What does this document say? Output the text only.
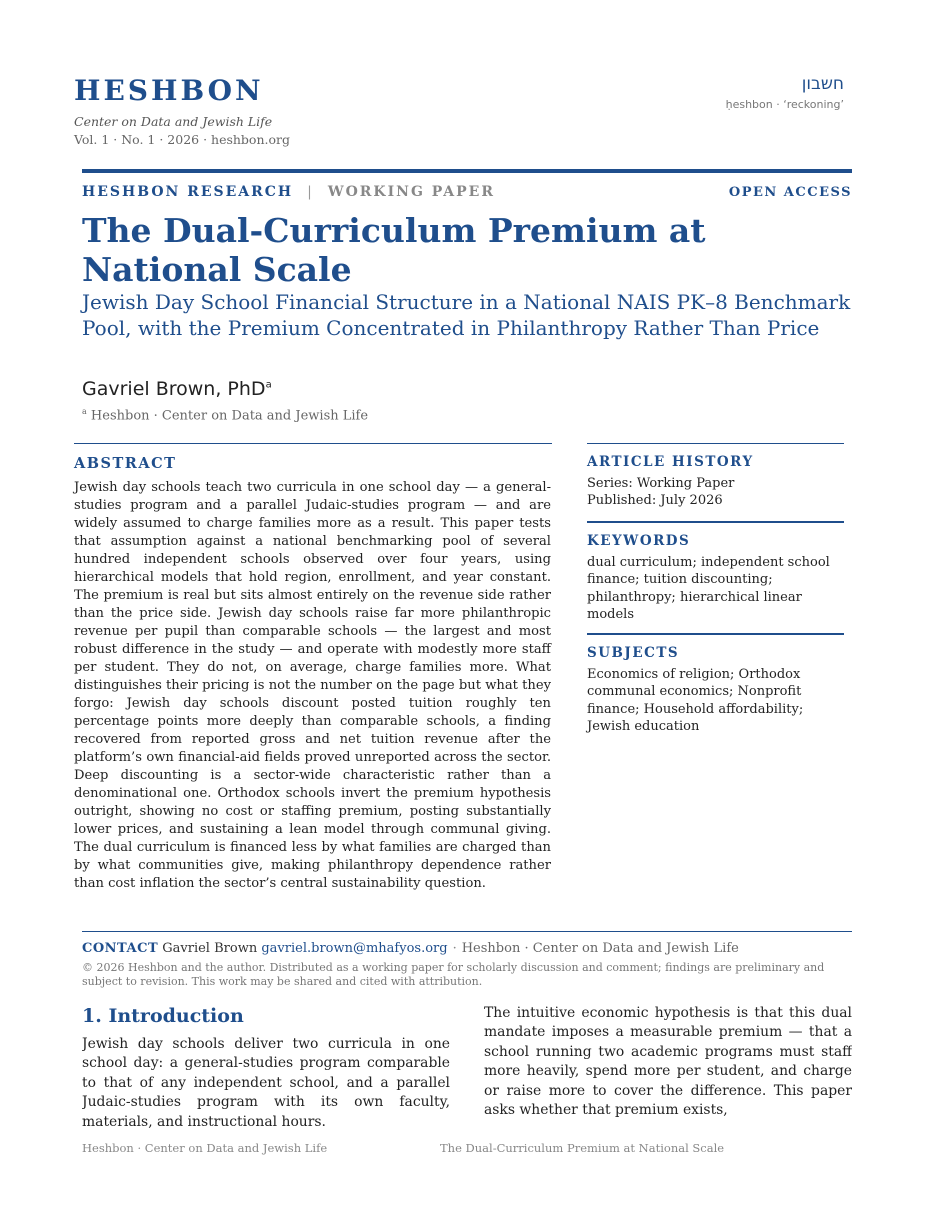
HESHBON
Center on Data and Jewish Life
Vol. 1 · No. 1 · 2026 · heshbon.org
חשבון
ḥeshbon · ‘reckoning’
HESHBON RESEARCH | WORKING PAPER	OPEN ACCESS
The Dual-Curriculum Premium at National Scale
Jewish Day School Financial Structure in a National NAIS PK–8 Benchmark Pool, with the Premium Concentrated in Philanthropy Rather Than Price
Gavriel Brown, PhD$^a$
$^a$ Heshbon · Center on Data and Jewish Life
ABSTRACT

Jewish day schools teach two curricula in one school day — a general-studies program and a parallel Judaic-studies program — and are widely assumed to charge families more as a result. This paper tests that assumption against a national benchmarking pool of several hundred independent schools observed over four years, using hierarchical models that hold region, enrollment, and year constant. The premium is real but sits almost entirely on the revenue side rather than the price side. Jewish day schools raise far more philanthropic revenue per pupil than comparable schools — the largest and most robust difference in the study — and operate with modestly more staff per student. They do not, on average, charge families more. What distinguishes their pricing is not the number on the page but what they forgo: Jewish day schools discount posted tuition roughly ten percentage points more deeply than comparable schools, a finding recovered from reported gross and net tuition revenue after the platform’s own financial-aid fields proved unreported across the sector. Deep discounting is a sector-wide characteristic rather than a denominational one. Orthodox schools invert the premium hypothesis outright, showing no cost or staffing premium, posting substantially lower prices, and sustaining a lean model through communal giving. The dual curriculum is financed less by what families are charged than by what communities give, making philanthropy dependence rather than cost inflation the sector’s central sustainability question.

ARTICLE HISTORY
Series: Working Paper
Published: July 2026
KEYWORDS
dual curriculum; independent school finance; tuition discounting; philanthropy; hierarchical linear models
SUBJECTS
Economics of religion; Orthodox communal economics; Nonprofit finance; Household affordability; Jewish education
CONTACT Gavriel Brown gavriel.brown@mhafyos.org · Heshbon · Center on Data and Jewish Life
© 2026 Heshbon and the author. Distributed as a working paper for scholarly discussion and comment; findings are preliminary and subject to revision. This work may be shared and cited with attribution.
1. Introduction

Jewish day schools deliver two curricula in one school day: a general-studies program comparable to that of any independent school, and a parallel Judaic-studies program with its own faculty, materials, and instructional hours.

The intuitive economic hypothesis is that this dual mandate imposes a measurable premium — that a school running two academic programs must staff more heavily, spend more per student, and charge or raise more to cover the difference. This paper asks whether that premium exists,

Heshbon · Center on Data and Jewish Life	The Dual-Curriculum Premium at National Scale
